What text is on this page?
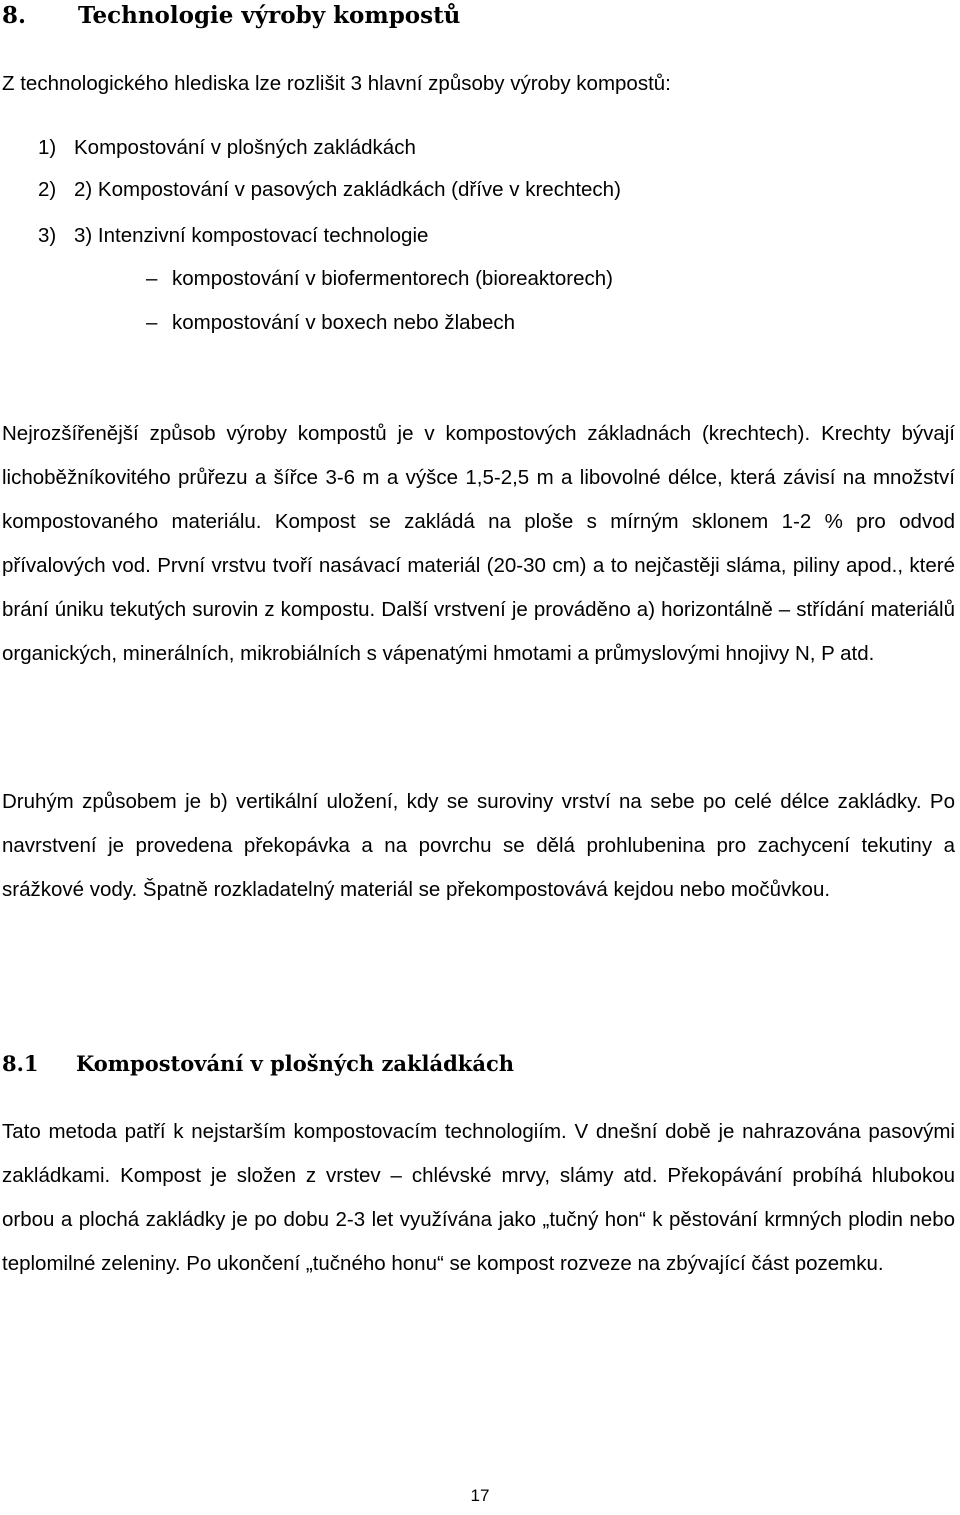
8. Technologie výroby kompostů
Z technologického hlediska lze rozlišit 3 hlavní způsoby výroby kompostů:
1) Kompostování v plošných zakládkách
2) 2) Kompostování v pasových zakládkách (dříve v krechtech)
3) 3) Intenzivní kompostovací technologie
– kompostování v biofermentorech (bioreaktorech)
– kompostování v boxech nebo žlabech

Nejrozšířenější způsob výroby kompostů je v kompostových základnách (krechtech). Krechty bývají lichoběžníkovitého průřezu a šířce 3-6 m a výšce 1,5-2,5 m a libovolné délce, která závisí na množství kompostovaného materiálu. Kompost se zakládá na ploše s mírným sklonem 1-2 % pro odvod přívalových vod. První vrstvu tvoří nasávací materiál (20-30 cm) a to nejčastěji sláma, piliny apod., které brání úniku tekutých surovin z kompostu. Další vrstvení je prováděno a) horizontálně – střídání materiálů organických, minerálních, mikrobiálních s vápenatými hmotami a průmyslovými hnojivy N, P atd.

Druhým způsobem je b) vertikální uložení, kdy se suroviny vrství na sebe po celé délce zakládky. Po navrstvení je provedena překopávka a na povrchu se dělá prohlubenina pro zachycení tekutiny a srážkové vody. Špatně rozkladatelný materiál se překompostovává kejdou nebo močůvkou.

8.1 Kompostování v plošných zakládkách

Tato metoda patří k nejstarším kompostovacím technologiím. V dnešní době je nahrazována pasovými zakládkami. Kompost je složen z vrstev – chlévské mrvy, slámy atd. Překopávání probíhá hlubokou orbou a plochá zakládky je po dobu 2-3 let využívána jako „tučný hon“ k pěstování krmných plodin nebo teplomilné zeleniny. Po ukončení „tučného honu“ se kompost rozveze na zbývající část pozemku.

17
